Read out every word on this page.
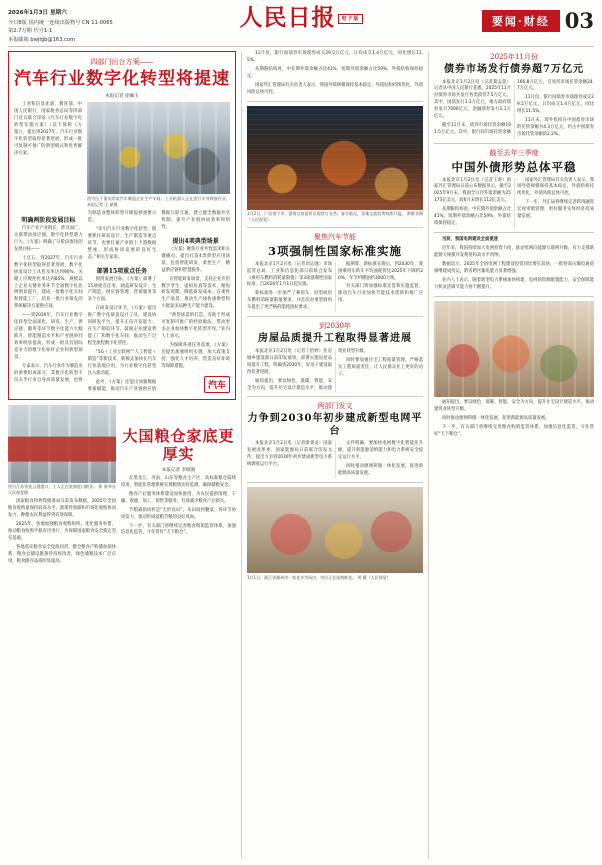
2026年1月3日 星期六
今日8版 国内统一连续出版物号 CN 11-0065
第2.7万期 代号1-1
本报邮箱 bwjlgb@163.com
人民日报 电子版	要闻·财经 03
四部门出台方案——
汽车行业数字化转型将提速
本报记者 徐佩玉

工业和信息化部、教育部、中国人民银行、国家税务总局等四部门近日联合印发《汽车行业数字化转型实施方案》（以下简称《方案》），提出到2027年，汽车行业数字化转型取得显著进展，形成一批可复制可推广的典型模式和优秀解决方案。

图为位于重庆的某汽车制造企业生产车间，工业机器人正在进行车身焊接作业。 本报记者 王 斌摄
明确两阶段发展目标

汽车产业产业链长、涉及面广，关联带动效应强，数字化转型潜力巨大。《方案》明确了分阶段推进的发展目标——

十点五、到2027年，汽车行业数字化转型取得显著进展，数字化研发设计工具普及率达到90%，关键工序数控化率达到85%，规模以上企业关键业务环节全面数字化比例明显提升，建成一批数字化车间和智能工厂，培育一批行业领先的系统解决方案供应商。

——到2030年，汽车行业数字化转型全面深化，研发、生产、供应链、服务等环节数字化能力大幅跃升，智能制造水平和产业链协同效率明显提高，形成一批具有国际竞争力的数字化标杆企业和典型场景。

专家表示，汽车行业作为制造业的重要组成部分，其数字化转型不仅关乎行业自身高质量发展，也将为制造业整体转型升级提供重要示范。

“牵引汽车行业数字化转型，既要抓住研发设计、生产制造等重点环节，也要打通产业链上下游数据壁垒，形成协同发展的良好生态。”相关专家说。

部署15项重点任务

围绕发展目标，《方案》部署了15项重点任务，涵盖研发设计、生产制造、供应链管理、营销服务等多个方面。

在研发设计环节，《方案》提出推广数字化研发设计工具，建设协同研发平台，提升正向开发能力；在生产制造环节，鼓励企业建设智能工厂和数字化车间，推动生产过程全流程数字化管控。

“5G＋工业互联网”“人工智能＋制造”等新技术、新模式加快在汽车行业落地应用，为行业数字化转型注入新动能。

此外，《方案》还提出加强数据要素赋能，推动汽车产业链供应链数据互联互通，建立健全数据共享机制，提升产业链协同效率和韧性。

提出4项典型场景

《方案》聚焦行业共性需求和关键痛点，提出打造4类典型应用场景，包括智能研发、柔性生产、精益供应链和智慧服务。

在智能研发场景，支持企业应用数字孪生、虚拟仿真等技术，缩短研发周期、降低研发成本；在柔性生产场景，推动生产线快速换型和小批量多品种生产能力建设。

“典型场景的打造，有助于形成可复制可推广的经验做法，带动更多企业加快数字化转型步伐。”业内人士表示。

为保障各项任务落地，《方案》还提出加强组织实施、加大政策支持、强化人才培养、营造良好环境等保障措施。

汽车
图为江苏省连云港港口，工人正在装卸进口粮食。 影 新华社 人民视觉摄

国家粮食和物资储备局日前发布数据，2025年全国粮食收购量保持较高水平，政策性收储和市场化收购协同发力，种粮农民利益得到有效保障。

2025年，各地加强粮食收购组织，优化服务举措，推动粮食收购平稳有序进行，为保障国家粮食安全奠定坚实基础。

各地落实粮食安全党政同责，健全粮食产购储加销体系，粮食仓储设施条件持续改善，绿色储粮技术广泛应用，粮食储存品质明显提高。

大国粮仓家底更厚实
本报记者 李晓晴

在黑龙江、河南、山东等粮食主产区，高标准粮仓陆续投用，智能化管理系统实现粮情实时监测，确保储粮安全。

粮食产后服务体系建设加快推进，为农民提供清理、干燥、收储、加工、销售等服务，有效减少粮食产后损失。

节粮减损同样是“无形良田”。从田间到餐桌，各环节协同发力，推动形成爱粮节粮的良好风尚。

下一步，有关部门将继续完善粮食购销监管体系，加强信息化监管，守住管好“天下粮仓”。

11月份，银行间债券市场现券成交29.5万亿元，日均成交1.4万亿元，同比增长11.5%。

从期限结构看，中长期外债余额占比41%，短期外债余额占比59%，外债结构保持稳定。

国家外汇管理局有关负责人表示，我国外债规模保持基本稳定，外债结构持续优化，外债风险总体可控。

1月2日，广西南宁市，游客在夜游景区观赏灯光秀。春节临近，各地文旅消费持续升温。 黄维业摄（人民视觉）
聚焦汽车节能
3项强制性国家标准实施

本报北京1月2日电（记者刘志强）市场监管总局、工业和信息化部日前联合发布《乘用车燃料消耗量限值》等3项强制性国家标准，自2026年1月1日起实施。

新标准进一步加严了乘用车、轻型商用车燃料消耗量限值要求，并首次对重型商用车提出了更严格的能耗指标要求。

据测算，新标准实施后，到2030年，我国乘用车新车平均油耗将比2025年下降约20%，年节约燃油约3000万吨。

有关部门将加强标准宣贯和实施监督，推动汽车行业加快节能技术创新和推广应用。

到2030年
房屋品质提升工程取得显著进展

本报北京1月2日电（记者丁怡婷）住房城乡建设部日前印发通知，部署实施房屋品质提升工程，明确到2030年，好房子建设取得显著进展。

通知提出，要以绿色、低碳、智能、安全为方向，提升住宅设计建造水平，推动建筑业转型升级。

同时要加强住宅工程质量管理，严格落实工程质量责任，让人民群众住上更好的房子。

两部门发文
力争到2030年初步建成新型电网平台

本报北京1月2日电（记者廖睿灵）国家发展改革委、国家能源局日前联合印发文件，提出力争到2030年初步建成新型电力系统调度运行平台。

文件明确，要加快电网数字化智能化升级，提升新能源消纳能力和电力系统安全稳定运行水平。

同时推动源网荷储一体化发展，促进新能源高质量发展。

1月1日，浙江省湖州市一家花卉市场内，市民正在选购鲜花。 周 摄（人民视觉）
2025年11月份
债券市场发行债券超7万亿元

本报北京1月2日电（记者葛孟超）记者从中国人民银行获悉，2025年11月份债券市场共发行各类债券7.5万亿元。其中，国债发行1.3万亿元，地方政府债券发行7000亿元，金融债券发行1.1万亿元。

截至11月末，债券市场托管余额191.5万亿元。其中，银行间市场托管余额166.8万亿元，交易所市场托管余额24.7万亿元。

11月份，银行间债券市场现券成交29.5万亿元，日均成交1.4万亿元，同比增长11.5%。

11月末，境外机构在中国债券市场的托管余额为4.3万亿元，约占中国债券市场托管余额的2.2%。

截至去年三季度
中国外债形势总体平稳

本报北京1月2日电（记者王观）国家外汇管理局日前公布数据显示，截至2025年9月末，我国全口径外债余额为25173亿美元，较6月末增长112亿美元。

从期限结构看，中长期外债余额占比41%，短期外债余额占比59%，外债结构保持稳定。

国家外汇管理局有关负责人表示，我国外债规模保持基本稳定，外债结构持续优化，外债风险总体可控。

下一步，外汇局将继续完善跨境融资宏观审慎管理，更好服务实体经济高质量发展。

当前，我国电网建设全面提速

近年来，我国持续加大电网投资力度，推动电网向能源互联网升级，有力支撑新能源大规模开发利用和高水平消纳。

数据显示，2025年全国电网工程建设投资同比增长较快，一批特高压输电通道相继建成投运，跨省跨区输电能力显著增强。

业内人士表示，随着新型电力系统加快构建，电网的资源配置能力、安全保障能力和灵活调节能力将不断提升。

通知提出，要以绿色、低碳、智能、安全为方向，提升住宅设计建造水平，推动建筑业转型升级。

同时推动源网荷储一体化发展，促进新能源高质量发展。

下一步，有关部门将继续完善粮食购销监管体系，加强信息化监管，守住管好“天下粮仓”。
